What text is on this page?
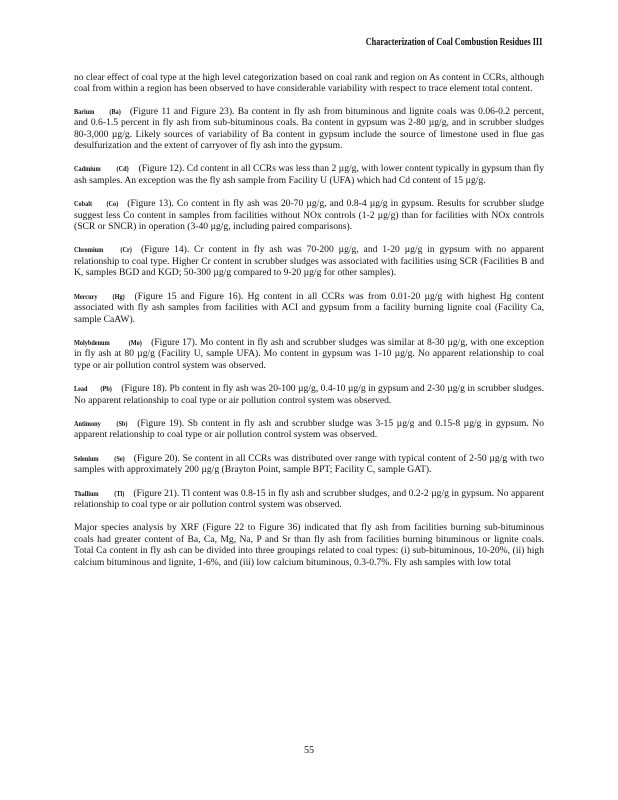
Characterization of Coal Combustion Residues III

no clear effect of coal type at the high level categorization based on coal rank and region on As content in CCRs, although coal from within a region has been observed to have considerable variability with respect to trace element total content.

Barium (Ba) (Figure 11 and Figure 23). Ba content in fly ash from bituminous and lignite coals was 0.06-0.2 percent, and 0.6-1.5 percent in fly ash from sub-bituminous coals. Ba content in gypsum was 2-80 µg/g, and in scrubber sludges 80-3,000 µg/g. Likely sources of variability of Ba content in gypsum include the source of limestone used in flue gas desulfurization and the extent of carryover of fly ash into the gypsum.

Cadmium (Cd) (Figure 12). Cd content in all CCRs was less than 2 µg/g, with lower content typically in gypsum than fly ash samples. An exception was the fly ash sample from Facility U (UFA) which had Cd content of 15 µg/g.

Cobalt (Co) (Figure 13). Co content in fly ash was 20-70 µg/g, and 0.8-4 µg/g in gypsum. Results for scrubber sludge suggest less Co content in samples from facilities without NOx controls (1-2 µg/g) than for facilities with NOx controls (SCR or SNCR) in operation (3-40 µg/g, including paired comparisons).

Chromium (Cr) (Figure 14). Cr content in fly ash was 70-200 µg/g, and 1-20 µg/g in gypsum with no apparent relationship to coal type. Higher Cr content in scrubber sludges was associated with facilities using SCR (Facilities B and K, samples BGD and KGD; 50-300 µg/g compared to 9-20 µg/g for other samples).

Mercury (Hg) (Figure 15 and Figure 16). Hg content in all CCRs was from 0.01-20 µg/g with highest Hg content associated with fly ash samples from facilities with ACI and gypsum from a facility burning lignite coal (Facility Ca, sample CaAW).

Molybdenum (Mo) (Figure 17). Mo content in fly ash and scrubber sludges was similar at 8-30 µg/g, with one exception in fly ash at 80 µg/g (Facility U, sample UFA). Mo content in gypsum was 1-10 µg/g. No apparent relationship to coal type or air pollution control system was observed.

Lead (Pb) (Figure 18). Pb content in fly ash was 20-100 µg/g, 0.4-10 µg/g in gypsum and 2-30 µg/g in scrubber sludges. No apparent relationship to coal type or air pollution control system was observed.

Antimony (Sb) (Figure 19). Sb content in fly ash and scrubber sludge was 3-15 µg/g and 0.15-8 µg/g in gypsum. No apparent relationship to coal type or air pollution control system was observed.

Selenium (Se) (Figure 20). Se content in all CCRs was distributed over range with typical content of 2-50 µg/g with two samples with approximately 200 µg/g (Brayton Point, sample BPT; Facility C, sample GAT).

Thallium (Tl) (Figure 21). Tl content was 0.8-15 in fly ash and scrubber sludges, and 0.2-2 µg/g in gypsum. No apparent relationship to coal type or air pollution control system was observed.

Major species analysis by XRF (Figure 22 to Figure 36) indicated that fly ash from facilities burning sub-bituminous coals had greater content of Ba, Ca, Mg, Na, P and Sr than fly ash from facilities burning bituminous or lignite coals. Total Ca content in fly ash can be divided into three groupings related to coal types: (i) sub-bituminous, 10-20%, (ii) high calcium bituminous and lignite, 1-6%, and (iii) low calcium bituminous, 0.3-0.7%. Fly ash samples with low total

55
